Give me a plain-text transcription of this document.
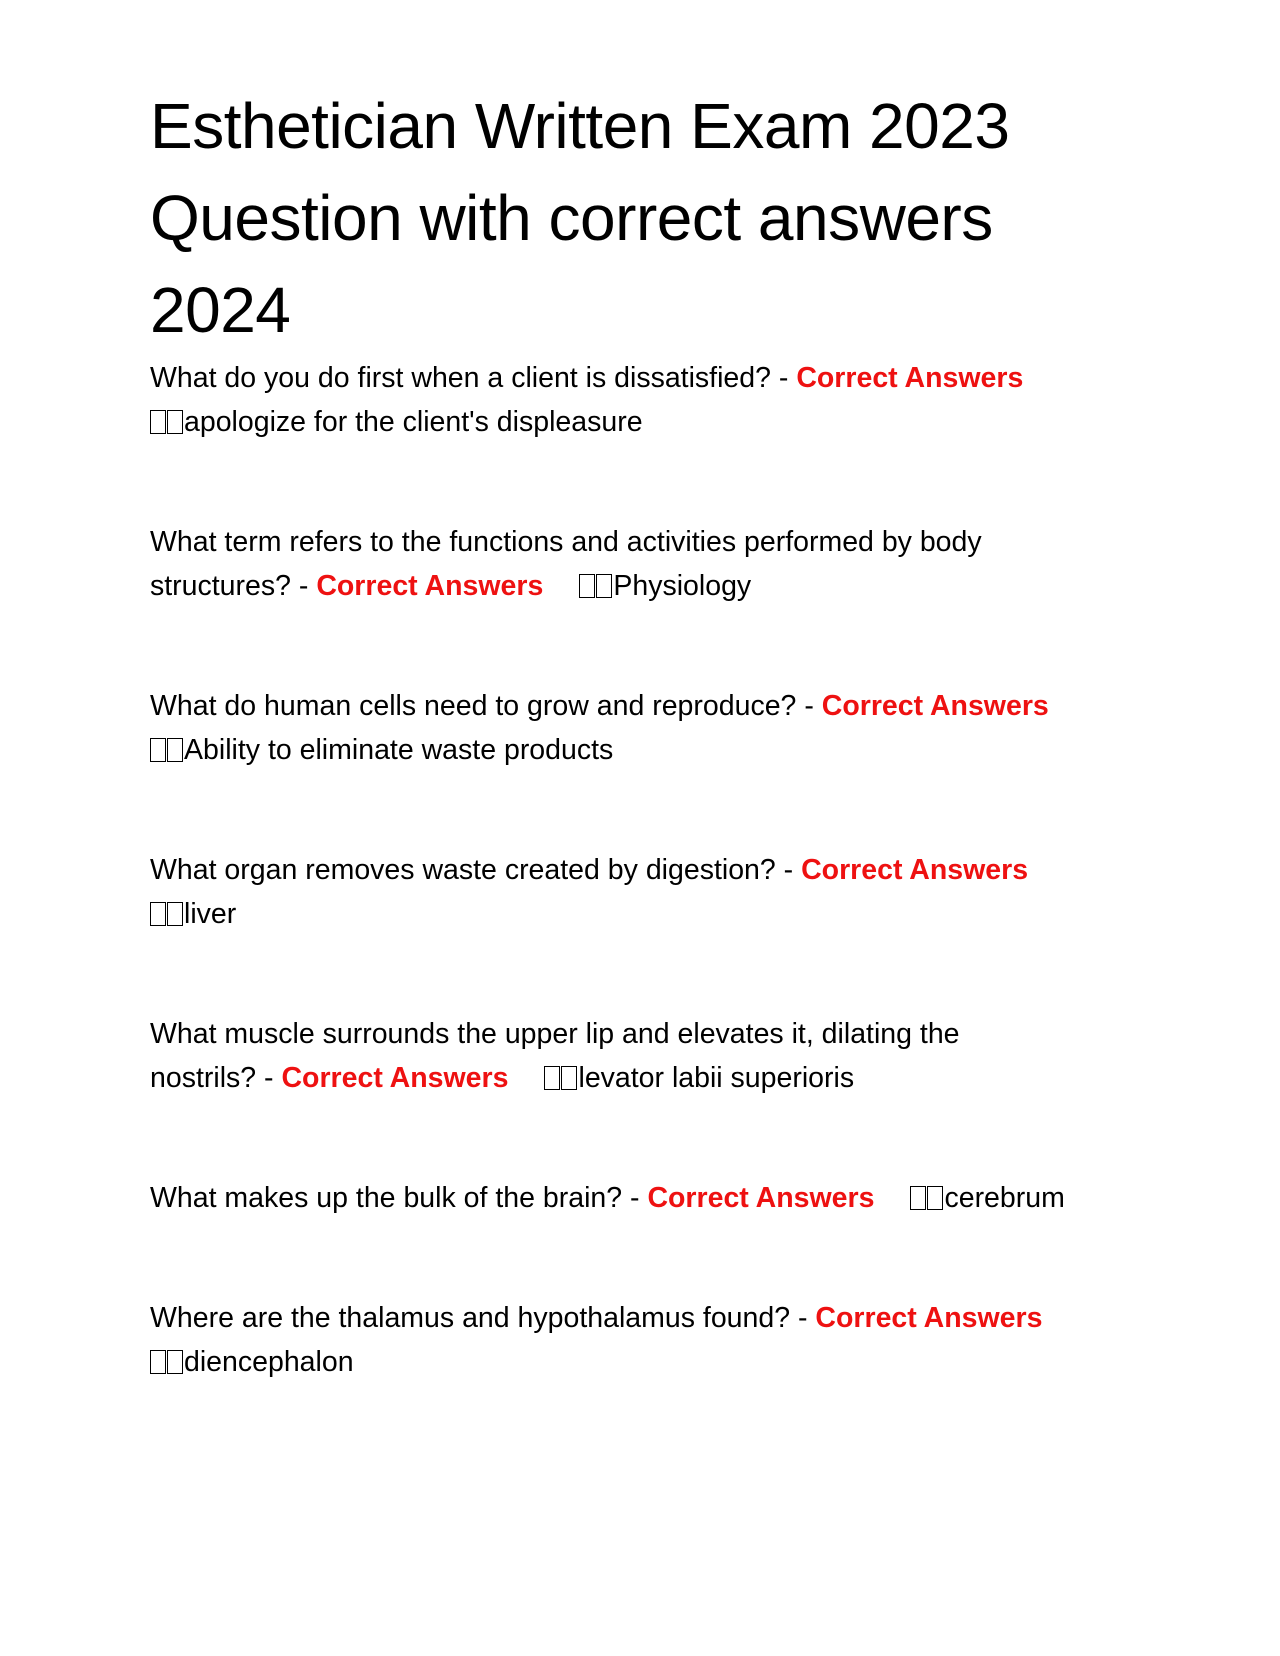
Esthetician Written Exam 2023
Question with correct answers
2024

What do you do first when a client is dissatisfied? - Correct Answers
apologize for the client's displeasure

What term refers to the functions and activities performed by body
structures? - Correct Answers Physiology

What do human cells need to grow and reproduce? - Correct Answers
Ability to eliminate waste products

What organ removes waste created by digestion? - Correct Answers
liver

What muscle surrounds the upper lip and elevates it, dilating the
nostrils? - Correct Answers levator labii superioris

What makes up the bulk of the brain? - Correct Answers cerebrum

Where are the thalamus and hypothalamus found? - Correct Answers
diencephalon
